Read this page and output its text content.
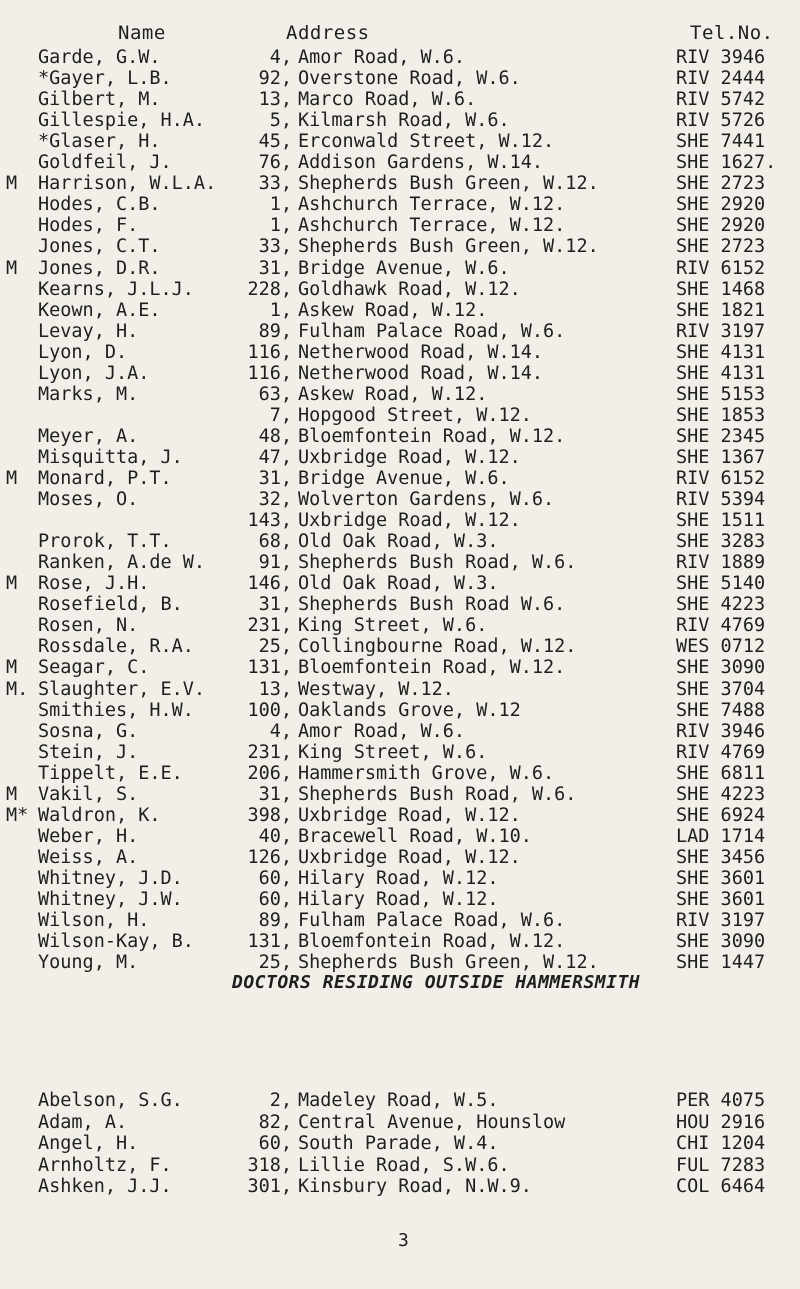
Name	Address	Tel.No.
Garde, G.W.	4, Amor Road, W.6.	RIV 3946
*Gayer, L.B.	92, Overstone Road, W.6.	RIV 2444
Gilbert, M.	13, Marco Road, W.6.	RIV 5742
Gillespie, H.A.	5, Kilmarsh Road, W.6.	RIV 5726
*Glaser, H.	45, Erconwald Street, W.12.	SHE 7441
Goldfeil, J.	76, Addison Gardens, W.14.	SHE 1627.
M	Harrison, W.L.A.	33, Shepherds Bush Green, W.12.	SHE 2723
Hodes, C.B.	1, Ashchurch Terrace, W.12.	SHE 2920
Hodes, F.	1, Ashchurch Terrace, W.12.	SHE 2920
Jones, C.T.	33, Shepherds Bush Green, W.12.	SHE 2723
M	Jones, D.R.	31, Bridge Avenue, W.6.	RIV 6152
Kearns, J.L.J.	228, Goldhawk Road, W.12.	SHE 1468
Keown, A.E.	1, Askew Road, W.12.	SHE 1821
Levay, H.	89, Fulham Palace Road, W.6.	RIV 3197
Lyon, D.	116, Netherwood Road, W.14.	SHE 4131
Lyon, J.A.	116, Netherwood Road, W.14.	SHE 4131
Marks, M.	63, Askew Road, W.12.	SHE 5153
7, Hopgood Street, W.12.	SHE 1853
Meyer, A.	48, Bloemfontein Road, W.12.	SHE 2345
Misquitta, J.	47, Uxbridge Road, W.12.	SHE 1367
M	Monard, P.T.	31, Bridge Avenue, W.6.	RIV 6152
Moses, O.	32, Wolverton Gardens, W.6.	RIV 5394
143, Uxbridge Road, W.12.	SHE 1511
Prorok, T.T.	68, Old Oak Road, W.3.	SHE 3283
Ranken, A.de W.	91, Shepherds Bush Road, W.6.	RIV 1889
M	Rose, J.H.	146, Old Oak Road, W.3.	SHE 5140
Rosefield, B.	31, Shepherds Bush Road W.6.	SHE 4223
Rosen, N.	231, King Street, W.6.	RIV 4769
Rossdale, R.A.	25, Collingbourne Road, W.12.	WES 0712
M	Seagar, C.	131, Bloemfontein Road, W.12.	SHE 3090
M. Slaughter, E.V.	13, Westway, W.12.	SHE 3704
Smithies, H.W.	100, Oaklands Grove, W.12	SHE 7488
Sosna, G.	4, Amor Road, W.6.	RIV 3946
Stein, J.	231, King Street, W.6.	RIV 4769
Tippelt, E.E.	206, Hammersmith Grove, W.6.	SHE 6811
M	Vakil, S.	31, Shepherds Bush Road, W.6.	SHE 4223
M* Waldron, K.	398, Uxbridge Road, W.12.	SHE 6924
Weber, H.	40, Bracewell Road, W.10.	LAD 1714
Weiss, A.	126, Uxbridge Road, W.12.	SHE 3456
Whitney, J.D.	60, Hilary Road, W.12.	SHE 3601
Whitney, J.W.	60, Hilary Road, W.12.	SHE 3601
Wilson, H.	89, Fulham Palace Road, W.6.	RIV 3197
Wilson-Kay, B.	131, Bloemfontein Road, W.12.	SHE 3090
Young, M.	25, Shepherds Bush Green, W.12.	SHE 1447
DOCTORS RESIDING OUTSIDE HAMMERSMITH
Abelson, S.G.	2, Madeley Road, W.5.	PER 4075
Adam, A.	82, Central Avenue, Hounslow	HOU 2916
Angel, H.	60, South Parade, W.4.	CHI 1204
Arnholtz, F.	318, Lillie Road, S.W.6.	FUL 7283
Ashken, J.J.	301, Kinsbury Road, N.W.9.	COL 6464
3
